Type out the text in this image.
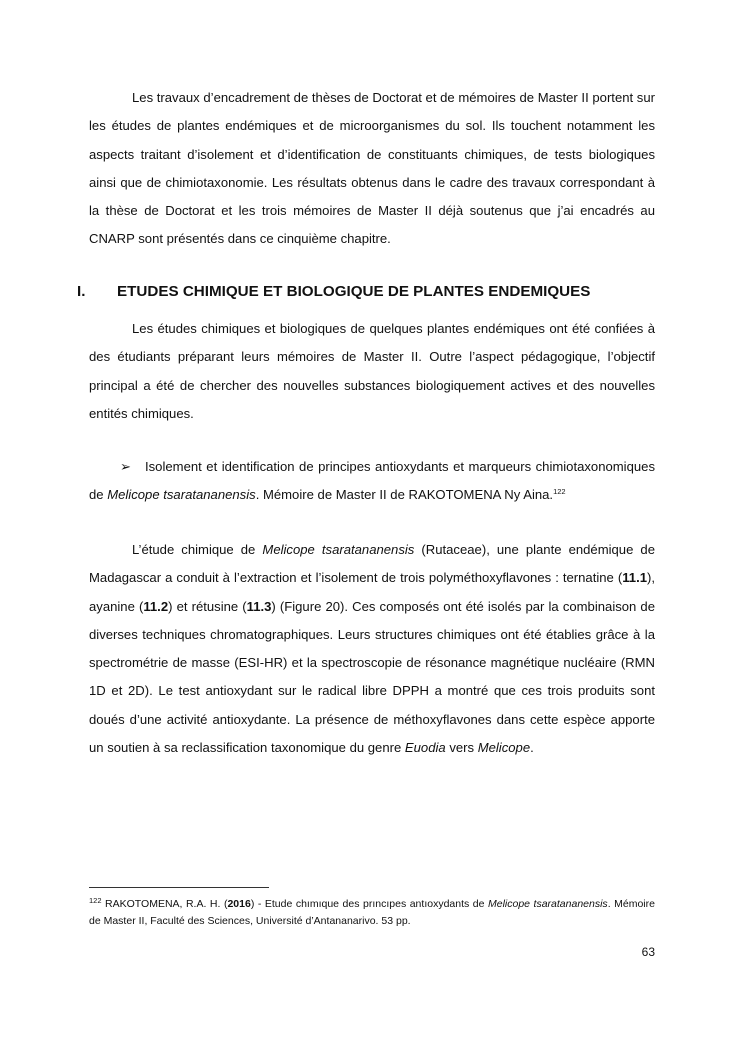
Les travaux d’encadrement de thèses de Doctorat et de mémoires de Master II portent sur les études de plantes endémiques et de microorganismes du sol. Ils touchent notamment les aspects traitant d’isolement et d’identification de constituants chimiques, de tests biologiques ainsi que de chimiotaxonomie. Les résultats obtenus dans le cadre des travaux correspondant à la thèse de Doctorat et les trois mémoires de Master II déjà soutenus que j’ai encadrés au CNARP sont présentés dans ce cinquième chapitre.

I. ETUDES CHIMIQUE ET BIOLOGIQUE DE PLANTES ENDEMIQUES

Les études chimiques et biologiques de quelques plantes endémiques ont été confiées à des étudiants préparant leurs mémoires de Master II. Outre l’aspect pédagogique, l’objectif principal a été de chercher des nouvelles substances biologiquement actives et des nouvelles entités chimiques.

➢ Isolement et identification de principes antioxydants et marqueurs chimiotaxonomiques de Melicope tsaratananensis. Mémoire de Master II de RAKOTOMENA Ny Aina.$^{122}$

L’étude chimique de Melicope tsaratananensis (Rutaceae), une plante endémique de Madagascar a conduit à l’extraction et l’isolement de trois polyméthoxyflavones : ternatine (11.1), ayanine (11.2) et rétusine (11.3) (Figure 20). Ces composés ont été isolés par la combinaison de diverses techniques chromatographiques. Leurs structures chimiques ont été établies grâce à la spectrométrie de masse (ESI-HR) et la spectroscopie de résonance magnétique nucléaire (RMN 1D et 2D). Le test antioxydant sur le radical libre DPPH a montré que ces trois produits sont doués d’une activité antioxydante. La présence de méthoxyflavones dans cette espèce apporte un soutien à sa reclassification taxonomique du genre Euodia vers Melicope.

$^{122}$ RAKOTOMENA, R.A. H. (2016) - Etude chımıque des prıncıpes antıoxydants de Melicope tsaratananensis. Mémoire de Master II, Faculté des Sciences, Université d’Antananarivo. 53 pp.

63
